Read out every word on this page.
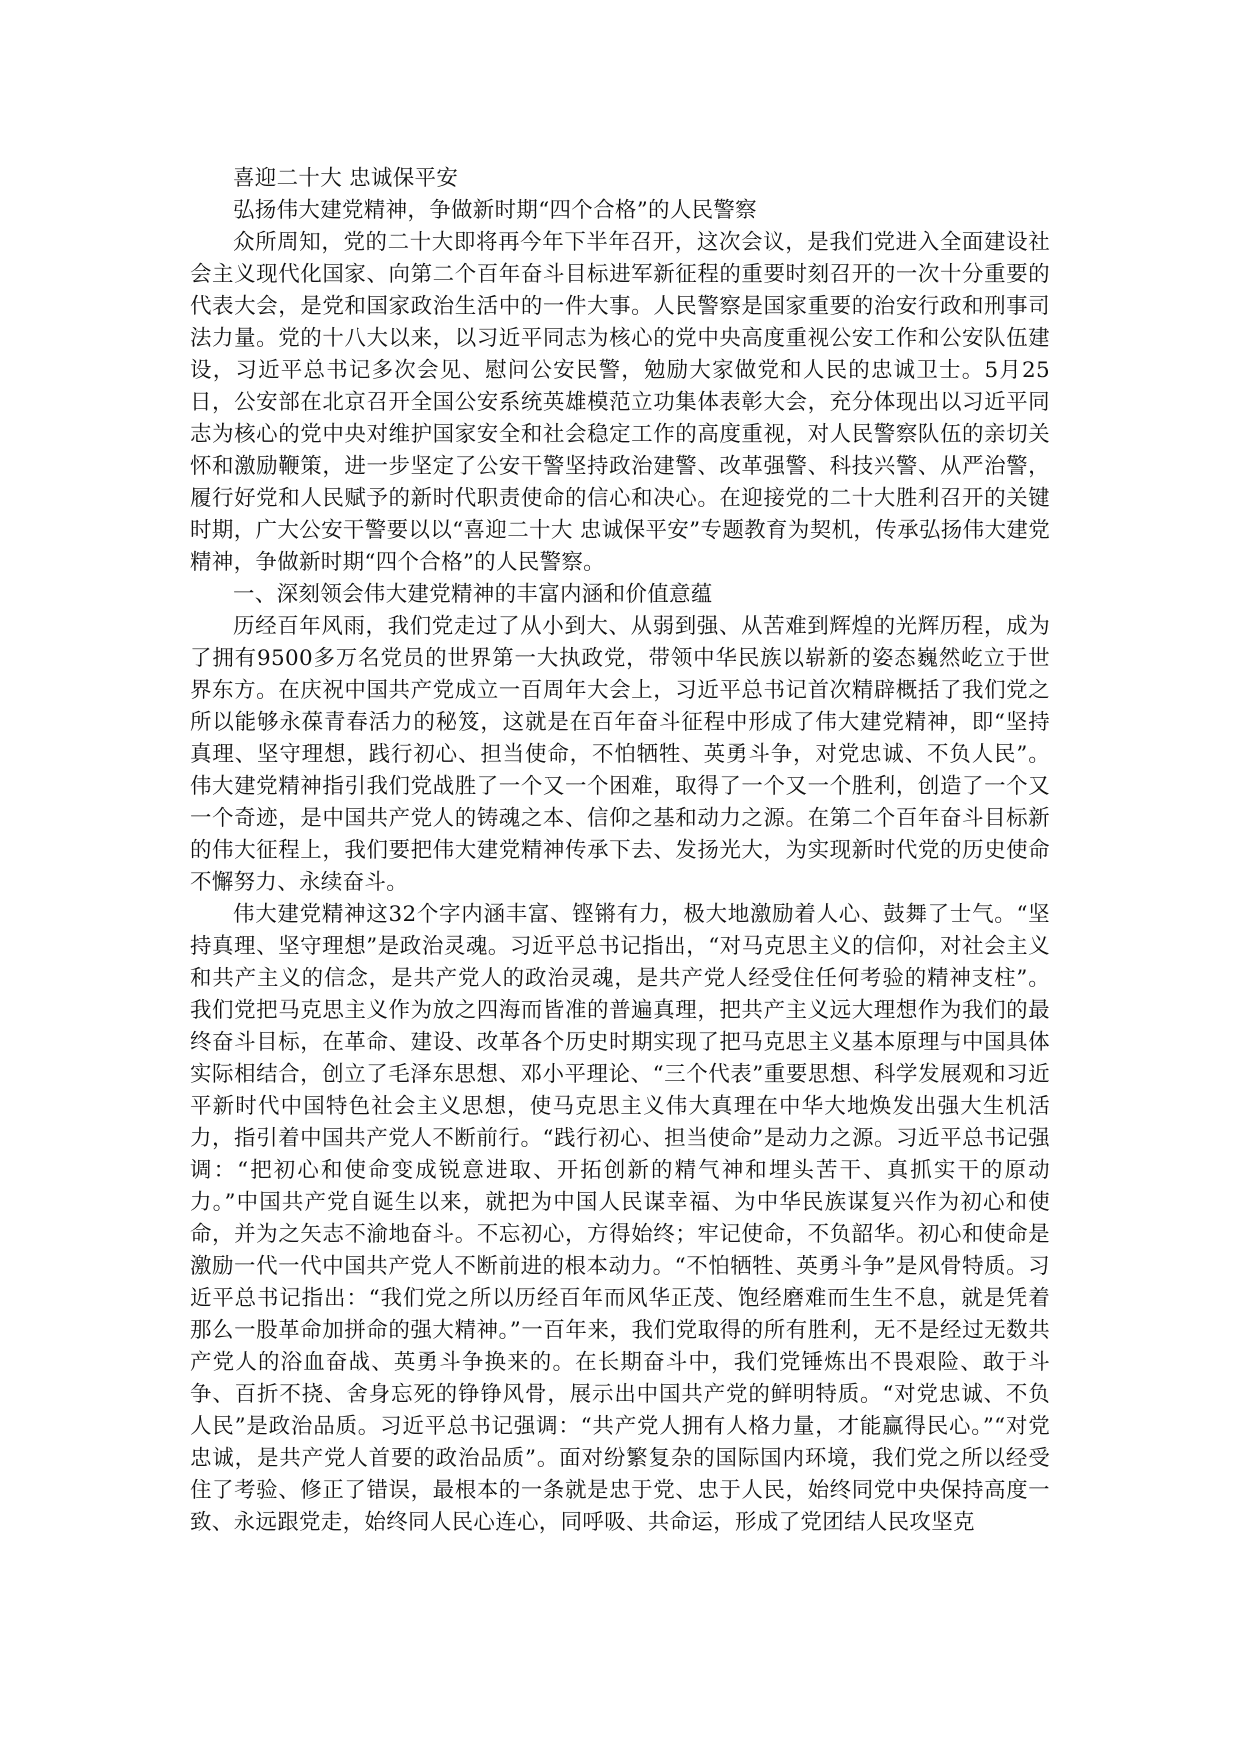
喜迎二十大 忠诚保平安

弘扬伟大建党精神，争做新时期“四个合格”的人民警察

众所周知，党的二十大即将再今年下半年召开，这次会议，是我们党进入全面建设社会主义现代化国家、向第二个百年奋斗目标进军新征程的重要时刻召开的一次十分重要的代表大会，是党和国家政治生活中的一件大事。人民警察是国家重要的治安行政和刑事司法力量。党的十八大以来，以习近平同志为核心的党中央高度重视公安工作和公安队伍建设，习近平总书记多次会见、慰问公安民警，勉励大家做党和人民的忠诚卫士。5月25日，公安部在北京召开全国公安系统英雄模范立功集体表彰大会，充分体现出以习近平同志为核心的党中央对维护国家安全和社会稳定工作的高度重视，对人民警察队伍的亲切关怀和激励鞭策，进一步坚定了公安干警坚持政治建警、改革强警、科技兴警、从严治警，履行好党和人民赋予的新时代职责使命的信心和决心。在迎接党的二十大胜利召开的关键时期，广大公安干警要以以“喜迎二十大 忠诚保平安”专题教育为契机，传承弘扬伟大建党精神，争做新时期“四个合格”的人民警察。

一、深刻领会伟大建党精神的丰富内涵和价值意蕴

历经百年风雨，我们党走过了从小到大、从弱到强、从苦难到辉煌的光辉历程，成为了拥有9500多万名党员的世界第一大执政党，带领中华民族以崭新的姿态巍然屹立于世界东方。在庆祝中国共产党成立一百周年大会上，习近平总书记首次精辟概括了我们党之所以能够永葆青春活力的秘笈，这就是在百年奋斗征程中形成了伟大建党精神，即“坚持真理、坚守理想，践行初心、担当使命，不怕牺牲、英勇斗争，对党忠诚、不负人民”。伟大建党精神指引我们党战胜了一个又一个困难，取得了一个又一个胜利，创造了一个又一个奇迹，是中国共产党人的铸魂之本、信仰之基和动力之源。在第二个百年奋斗目标新的伟大征程上，我们要把伟大建党精神传承下去、发扬光大，为实现新时代党的历史使命不懈努力、永续奋斗。

伟大建党精神这32个字内涵丰富、铿锵有力，极大地激励着人心、鼓舞了士气。“坚持真理、坚守理想”是政治灵魂。习近平总书记指出，“对马克思主义的信仰，对社会主义和共产主义的信念，是共产党人的政治灵魂，是共产党人经受住任何考验的精神支柱”。我们党把马克思主义作为放之四海而皆准的普遍真理，把共产主义远大理想作为我们的最终奋斗目标，在革命、建设、改革各个历史时期实现了把马克思主义基本原理与中国具体实际相结合，创立了毛泽东思想、邓小平理论、“三个代表”重要思想、科学发展观和习近平新时代中国特色社会主义思想，使马克思主义伟大真理在中华大地焕发出强大生机活力，指引着中国共产党人不断前行。“践行初心、担当使命”是动力之源。习近平总书记强调：“把初心和使命变成锐意进取、开拓创新的精气神和埋头苦干、真抓实干的原动力。”中国共产党自诞生以来，就把为中国人民谋幸福、为中华民族谋复兴作为初心和使命，并为之矢志不渝地奋斗。不忘初心，方得始终；牢记使命，不负韶华。初心和使命是激励一代一代中国共产党人不断前进的根本动力。“不怕牺牲、英勇斗争”是风骨特质。习近平总书记指出：“我们党之所以历经百年而风华正茂、饱经磨难而生生不息，就是凭着那么一股革命加拼命的强大精神。”一百年来，我们党取得的所有胜利，无不是经过无数共产党人的浴血奋战、英勇斗争换来的。在长期奋斗中，我们党锤炼出不畏艰险、敢于斗争、百折不挠、舍身忘死的铮铮风骨，展示出中国共产党的鲜明特质。“对党忠诚、不负人民”是政治品质。习近平总书记强调：“共产党人拥有人格力量，才能赢得民心。”“对党忠诚，是共产党人首要的政治品质”。面对纷繁复杂的国际国内环境，我们党之所以经受住了考验、修正了错误，最根本的一条就是忠于党、忠于人民，始终同党中央保持高度一致、永远跟党走，始终同人民心连心，同呼吸、共命运，形成了党团结人民攻坚克
